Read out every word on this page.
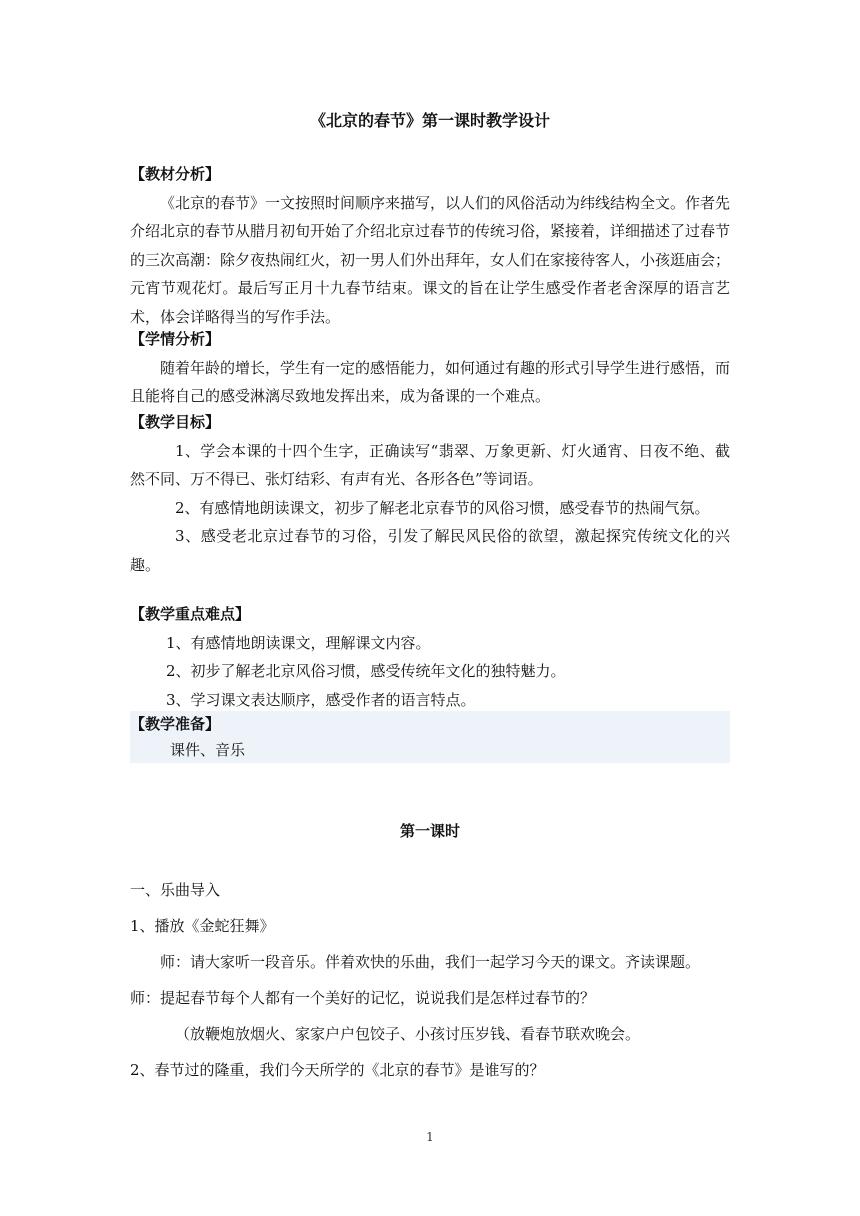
《北京的春节》第一课时教学设计
【教材分析】

《北京的春节》一文按照时间顺序来描写，以人们的风俗活动为纬线结构全文。作者先介绍北京的春节从腊月初旬开始了介绍北京过春节的传统习俗，紧接着，详细描述了过春节的三次高潮：除夕夜热闹红火，初一男人们外出拜年，女人们在家接待客人，小孩逛庙会；元宵节观花灯。最后写正月十九春节结束。课文的旨在让学生感受作者老舍深厚的语言艺术，体会详略得当的写作手法。

【学情分析】

随着年龄的增长，学生有一定的感悟能力，如何通过有趣的形式引导学生进行感悟，而且能将自己的感受淋漓尽致地发挥出来，成为备课的一个难点。

【教学目标】

1、学会本课的十四个生字，正确读写“翡翠、万象更新、灯火通宵、日夜不绝、截然不同、万不得已、张灯结彩、有声有光、各形各色”等词语。

2、有感情地朗读课文，初步了解老北京春节的风俗习惯，感受春节的热闹气氛。

3、感受老北京过春节的习俗，引发了解民风民俗的欲望，激起探究传统文化的兴趣。

【教学重点难点】

1、有感情地朗读课文，理解课文内容。

2、初步了解老北京风俗习惯，感受传统年文化的独特魅力。

3、学习课文表达顺序，感受作者的语言特点。

【教学准备】
课件、音乐
第一课时

一、乐曲导入

1、播放《金蛇狂舞》

师：请大家听一段音乐。伴着欢快的乐曲，我们一起学习今天的课文。齐读课题。

师：提起春节每个人都有一个美好的记忆，说说我们是怎样过春节的？

（放鞭炮放烟火、家家户户包饺子、小孩讨压岁钱、看春节联欢晚会。

2、春节过的隆重，我们今天所学的《北京的春节》是谁写的？

1
